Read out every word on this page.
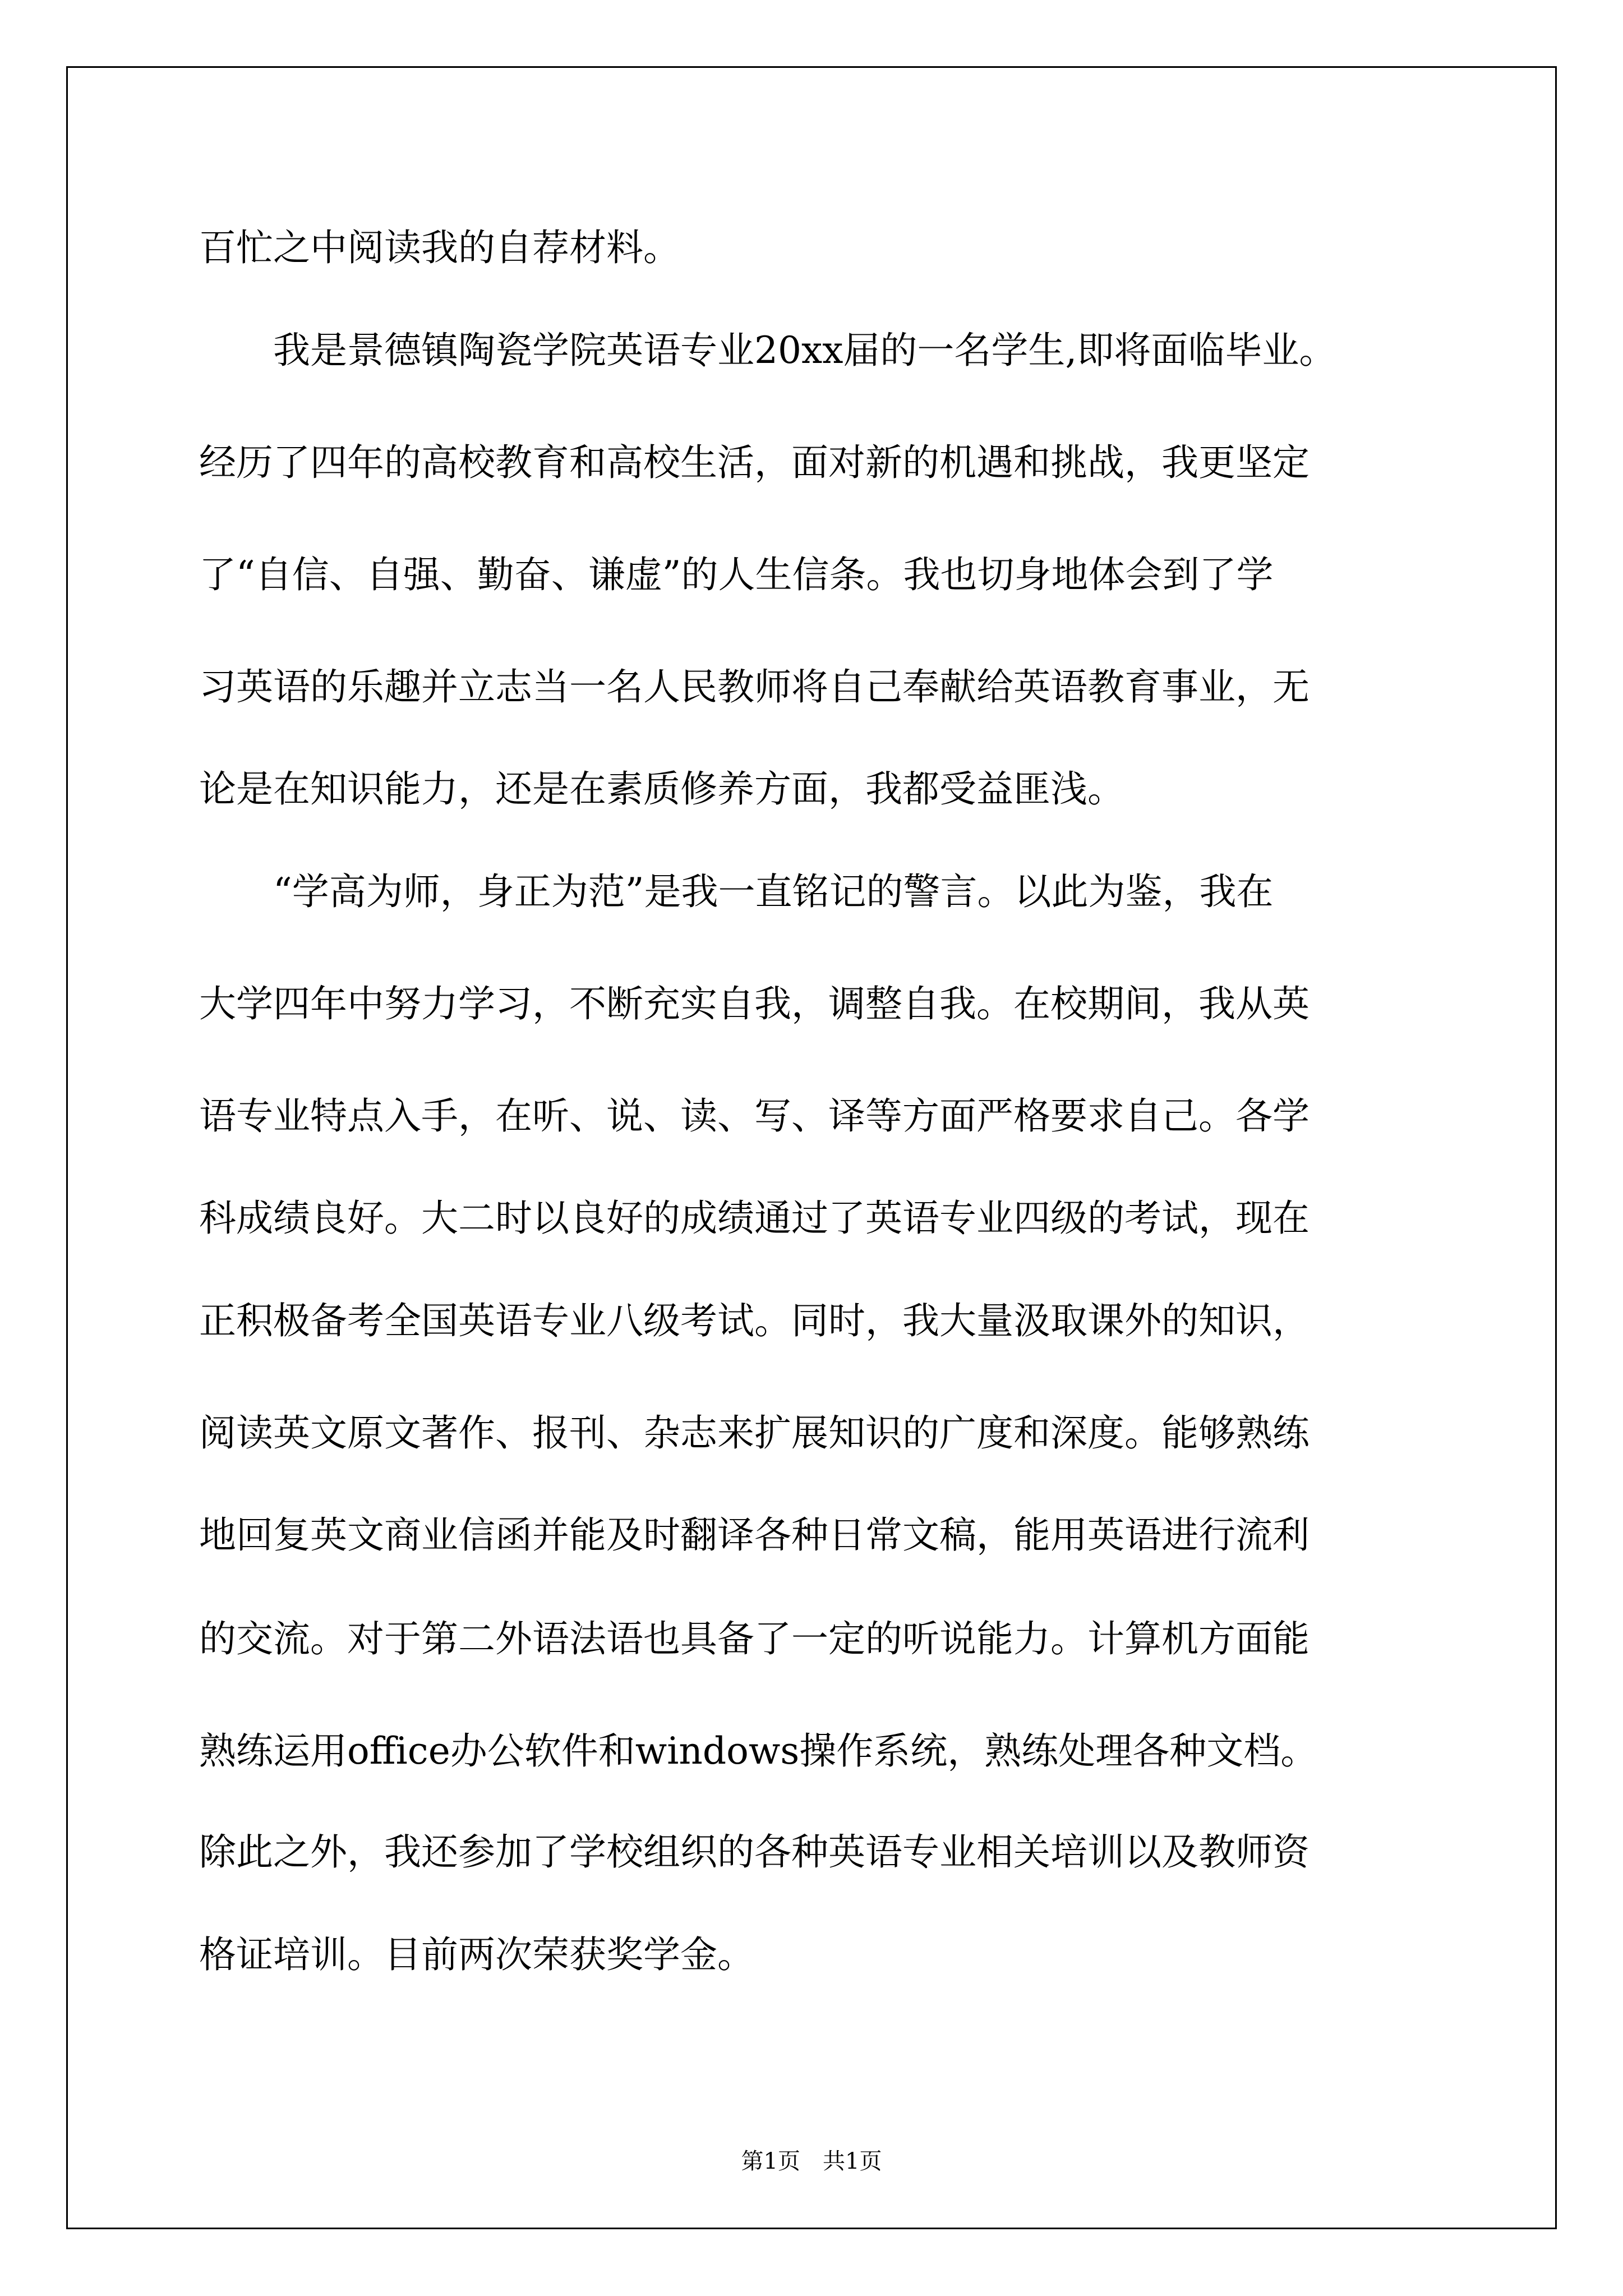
百忙之中阅读我的自荐材料。
　　我是景德镇陶瓷学院英语专业20xx届的一名学生,即将面临毕业。
经历了四年的高校教育和高校生活，面对新的机遇和挑战，我更坚定
了“自信、自强、勤奋、谦虚”的人生信条。我也切身地体会到了学
习英语的乐趣并立志当一名人民教师将自己奉献给英语教育事业，无
论是在知识能力，还是在素质修养方面，我都受益匪浅。
　　“学高为师，身正为范”是我一直铭记的警言。以此为鉴，我在
大学四年中努力学习，不断充实自我，调整自我。在校期间，我从英
语专业特点入手，在听、说、读、写、译等方面严格要求自己。各学
科成绩良好。大二时以良好的成绩通过了英语专业四级的考试，现在
正积极备考全国英语专业八级考试。同时，我大量汲取课外的知识，
阅读英文原文著作、报刊、杂志来扩展知识的广度和深度。能够熟练
地回复英文商业信函并能及时翻译各种日常文稿，能用英语进行流利
的交流。对于第二外语法语也具备了一定的听说能力。计算机方面能
熟练运用office办公软件和windows操作系统，熟练处理各种文档。
除此之外，我还参加了学校组织的各种英语专业相关培训以及教师资
格证培训。目前两次荣获奖学金。
第1页　共1页
